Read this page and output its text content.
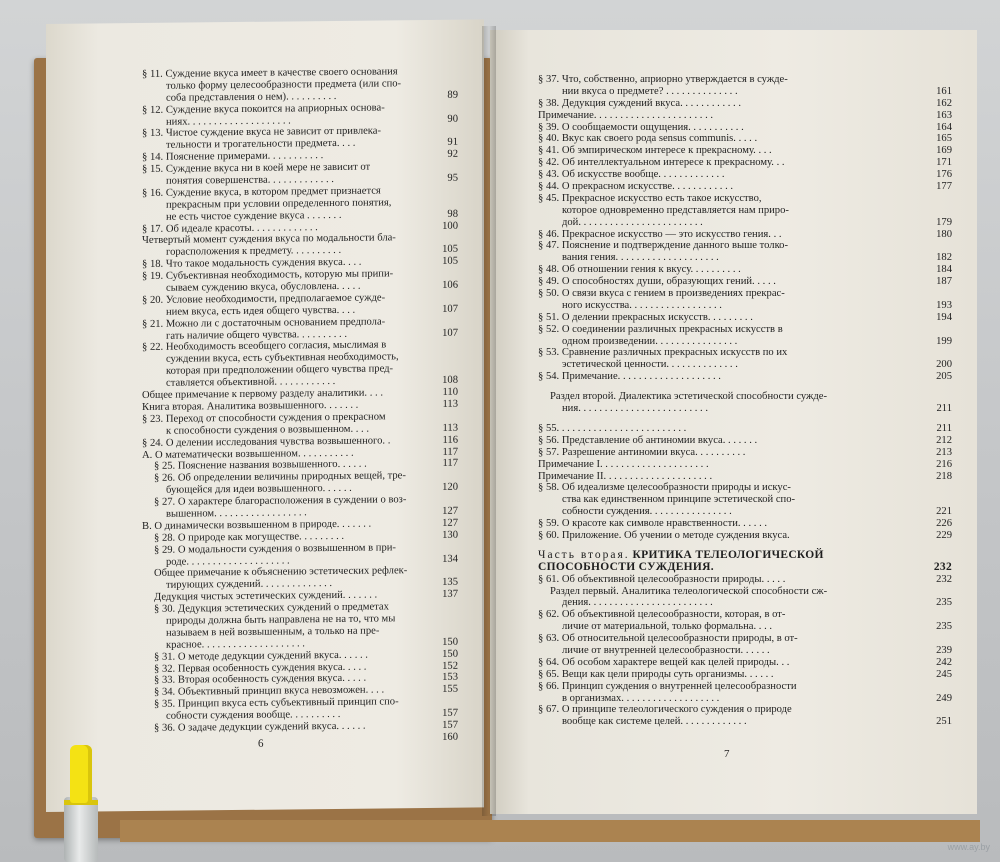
§ 11. Суждение вкуса имеет в качестве своего основания
только форму целесообразности предмета (или спо-
соба представления о нем). . . . . . . . . .	89
§ 12. Суждение вкуса покоится на априорных основа-
ниях. . . . . . . . . . . . . . . . . . . .	90
§ 13. Чистое суждение вкуса не зависит от привлека-
тельности и трогательности предмета. . . .	91
§ 14. Пояснение примерами. . . . . . . . . . .	92
§ 15. Суждение вкуса ни в коей мере не зависит от
понятия совершенства. . . . . . . . . . . . .	95
§ 16. Суждение вкуса, в котором предмет признается
прекрасным при условии определенного понятия,
не есть чистое суждение вкуса . . . . . . .	98
§ 17. Об идеале красоты. . . . . . . . . . . . .	100
Четвертый момент суждения вкуса по модальности бла-
горасположения к предмету. . . . . . . . . .	105
§ 18. Что такое модальность суждения вкуса. . . .	105
§ 19. Субъективная необходимость, которую мы припи-
сываем суждению вкуса, обусловлена. . . . .	106
§ 20. Условие необходимости, предполагаемое сужде-
нием вкуса, есть идея общего чувства. . . .	107
§ 21. Можно ли с достаточным основанием предпола-
гать наличие общего чувства. . . . . . . . . .	107
§ 22. Необходимость всеобщего согласия, мыслимая в
суждении вкуса, есть субъективная необходимость,
которая при предположении общего чувства пред-
ставляется объективной. . . . . . . . . . . .	108
Общее примечание к первому разделу аналитики. . . .	110
Книга вторая. Аналитика возвышенного. . . . . . .	113
§ 23. Переход от способности суждения о прекрасном
к способности суждения о возвышенном. . . .	113
§ 24. О делении исследования чувства возвышенного. .	116
А. О математически возвышенном. . . . . . . . . . .	117
§ 25. Пояснение названия возвышенного. . . . . .	117
§ 26. Об определении величины природных вещей, тре-
бующейся для идеи возвышенного. . . . . .	120
§ 27. О характере благорасположения в суждении о воз-
вышенном. . . . . . . . . . . . . . . . . .	127
В. О динамически возвышенном в природе. . . . . . .	127
§ 28. О природе как могуществе. . . . . . . . .	130
§ 29. О модальности суждения о возвышенном в при-
роде. . . . . . . . . . . . . . . . . . . .	134
Общее примечание к объяснению эстетических рефлек-
тирующих суждений. . . . . . . . . . . . . .	135
Дедукция чистых эстетических суждений. . . . . . .	137
§ 30. Дедукция эстетических суждений о предметах
природы должна быть направлена не на то, что мы
называем в ней возвышенным, а только на пре-
красное. . . . . . . . . . . . . . . . . . . .	150
§ 31. О методе дедукции суждений вкуса. . . . . .	150
§ 32. Первая особенность суждения вкуса. . . . .	152
§ 33. Вторая особенность суждения вкуса. . . . .	153
§ 34. Объективный принцип вкуса невозможен. . . .	155
§ 35. Принцип вкуса есть субъективный принцип спо-
собности суждения вообще. . . . . . . . . .	157
§ 36. О задаче дедукции суждений вкуса. . . . . .	157
160
6
§ 37. Что, собственно, априорно утверждается в сужде-
нии вкуса о предмете? . . . . . . . . . . . . . .	161
§ 38. Дедукция суждений вкуса. . . . . . . . . . . .	162
Примечание. . . . . . . . . . . . . . . . . . . . . . .	163
§ 39. О сообщаемости ощущения. . . . . . . . . . .	164
§ 40. Вкус как своего рода sensus communis. . . . .	165
§ 41. Об эмпирическом интересе к прекрасному. . . .	169
§ 42. Об интеллектуальном интересе к прекрасному. . .	171
§ 43. Об искусстве вообще. . . . . . . . . . . . .	176
§ 44. О прекрасном искусстве. . . . . . . . . . . .	177
§ 45. Прекрасное искусство есть такое искусство,
которое одновременно представляется нам приро-
дой. . . . . . . . . . . . . . . . . . . . . . . .	179
§ 46. Прекрасное искусство — это искусство гения. . .	180
§ 47. Пояснение и подтверждение данного выше толко-
вания гения. . . . . . . . . . . . . . . . . . . .	182
§ 48. Об отношении гения к вкусу. . . . . . . . . .	184
§ 49. О способностях души, образующих гений. . . . .	187
§ 50. О связи вкуса с гением в произведениях прекрас-
ного искусства. . . . . . . . . . . . . . . . . .	193
§ 51. О делении прекрасных искусств. . . . . . . . .	194
§ 52. О соединении различных прекрасных искусств в
одном произведении. . . . . . . . . . . . . . . .	199
§ 53. Сравнение различных прекрасных искусств по их
эстетической ценности. . . . . . . . . . . . . .	200
§ 54. Примечание. . . . . . . . . . . . . . . . . . . .	205
Раздел второй. Диалектика эстетической способности сужде-
ния. . . . . . . . . . . . . . . . . . . . . . . . .	211
§ 55. . . . . . . . . . . . . . . . . . . . . . . . .	211
§ 56. Представление об антиномии вкуса. . . . . . .	212
§ 57. Разрешение антиномии вкуса. . . . . . . . . .	213
Примечание I. . . . . . . . . . . . . . . . . . . . .	216
Примечание II. . . . . . . . . . . . . . . . . . . . .	218
§ 58. Об идеализме целесообразности природы и искус-
ства как единственном принципе эстетической спо-
собности суждения. . . . . . . . . . . . . . . .	221
§ 59. О красоте как символе нравственности. . . . . .	226
§ 60. Приложение. Об учении о методе суждения вкуса.	229
Часть вторая. КРИТИКА ТЕЛЕОЛОГИЧЕСКОЙ
СПОСОБНОСТИ СУЖДЕНИЯ.	232
§ 61. Об объективной целесообразности природы. . . . .	232
Раздел первый. Аналитика телеологической способности сж-
дения. . . . . . . . . . . . . . . . . . . . . . . .	235
§ 62. Об объективной целесообразности, которая, в от-
личие от материальной, только формальна. . . .	235
§ 63. Об относительной целесообразности природы, в от-
личие от внутренней целесообразности. . . . . .	239
§ 64. Об особом характере вещей как целей природы. . .	242
§ 65. Вещи как цели природы суть организмы. . . . . .	245
§ 66. Принцип суждения о внутренней целесообразности
в организмах. . . . . . . . . . . . . . . . . . .	249
§ 67. О принципе телеологического суждения о природе
вообще как системе целей. . . . . . . . . . . . .	251
7
www.ay.by
